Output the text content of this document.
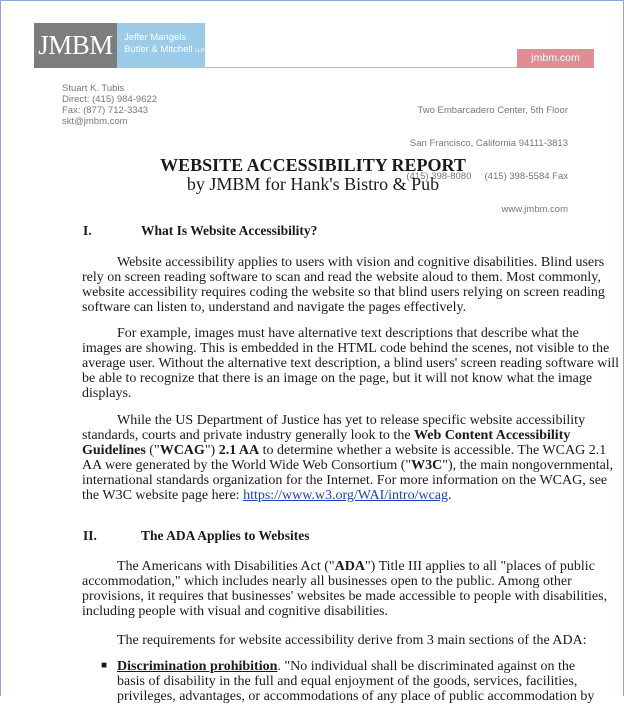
JMBM	Jeffer Mangels
Butler & Mitchell LLP
jmbm.com
Stuart K. Tubis
Direct: (415) 984-9622
Fax: (877) 712-3343
skt@jmbm.com

Two Embarcadero Center, 5th Floor

San Francisco, California 94111-3813

(415) 398-8080     (415) 398-5584 Fax

www.jmbm.com

WEBSITE ACCESSIBILITY REPORT
by JMBM for Hank's Bistro & Pub
I.	What Is Website Accessibility?
Website accessibility applies to users with vision and cognitive disabilities. Blind users
rely on screen reading software to scan and read the website aloud to them. Most commonly,
website accessibility requires coding the website so that blind users relying on screen reading
software can listen to, understand and navigate the pages effectively.
For example, images must have alternative text descriptions that describe what the
images are showing. This is embedded in the HTML code behind the scenes, not visible to the
average user. Without the alternative text description, a blind users' screen reading software will
be able to recognize that there is an image on the page, but it will not know what the image
displays.
While the US Department of Justice has yet to release specific website accessibility
standards, courts and private industry generally look to the Web Content Accessibility
Guidelines ("WCAG") 2.1 AA to determine whether a website is accessible. The WCAG 2.1
AA were generated by the World Wide Web Consortium ("W3C"), the main nongovernmental,
international standards organization for the Internet. For more information on the WCAG, see
the W3C website page here: https://www.w3.org/WAI/intro/wcag.
II.	The ADA Applies to Websites
The Americans with Disabilities Act ("ADA") Title III applies to all "places of public
accommodation," which includes nearly all businesses open to the public. Among other
provisions, it requires that businesses' websites be made accessible to people with disabilities,
including people with visual and cognitive disabilities.
The requirements for website accessibility derive from 3 main sections of the ADA:
■ Discrimination prohibition. "No individual shall be discriminated against on the
basis of disability in the full and equal enjoyment of the goods, services, facilities,
privileges, advantages, or accommodations of any place of public accommodation by
